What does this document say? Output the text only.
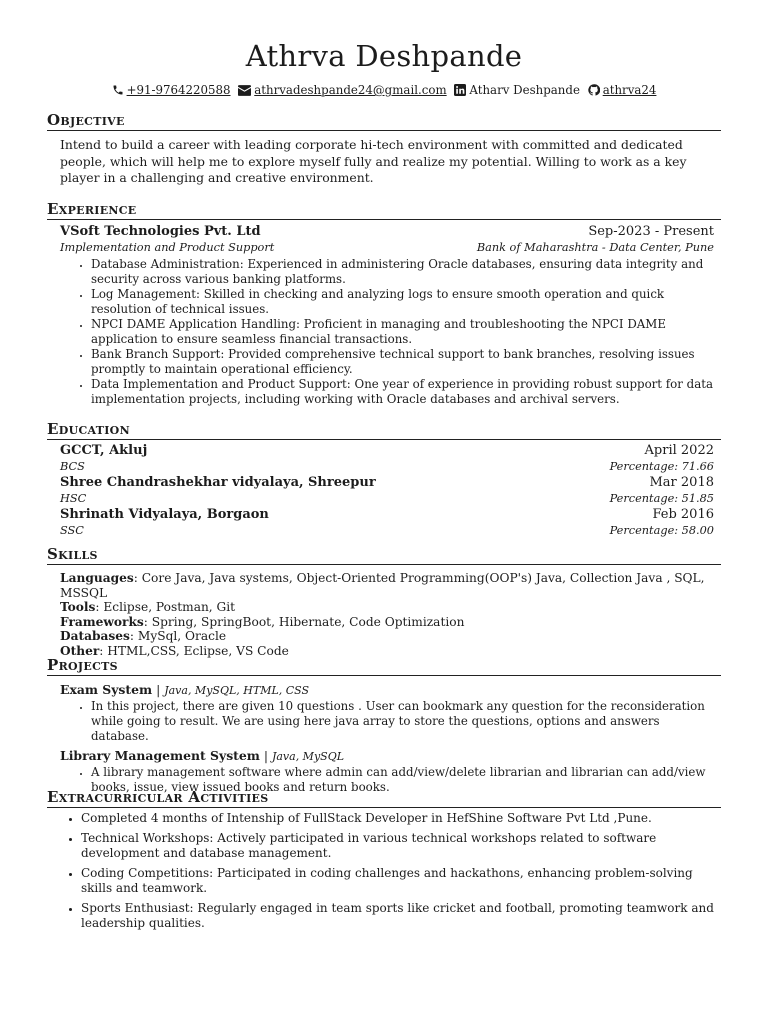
Athrva Deshpande
+91-9764220588 athrvadeshpande24@gmail.com Atharv Deshpande athrva24
Objective
Intend to build a career with leading corporate hi-tech environment with committed and dedicated people, which will help me to explore myself fully and realize my potential. Willing to work as a key player in a challenging and creative environment.
Experience
VSoft Technologies Pvt. Ltd	Sep-2023 - Present
Implementation and Product Support	Bank of Maharashtra - Data Center, Pune
• Database Administration: Experienced in administering Oracle databases, ensuring data integrity and security across various banking platforms.
• Log Management: Skilled in checking and analyzing logs to ensure smooth operation and quick resolution of technical issues.
• NPCI DAME Application Handling: Proficient in managing and troubleshooting the NPCI DAME application to ensure seamless financial transactions.
• Bank Branch Support: Provided comprehensive technical support to bank branches, resolving issues promptly to maintain operational efficiency.
• Data Implementation and Product Support: One year of experience in providing robust support for data implementation projects, including working with Oracle databases and archival servers.
Education
GCCT, Akluj	April 2022
BCS	Percentage: 71.66
Shree Chandrashekhar vidyalaya, Shreepur	Mar 2018
HSC	Percentage: 51.85
Shrinath Vidyalaya, Borgaon	Feb 2016
SSC	Percentage: 58.00
Skills
Languages: Core Java, Java systems, Object-Oriented Programming(OOP's) Java, Collection Java , SQL, MSSQL
Tools: Eclipse, Postman, Git
Frameworks: Spring, SpringBoot, Hibernate, Code Optimization
Databases: MySql, Oracle
Other: HTML,CSS, Eclipse, VS Code
Projects
Exam System | Java, MySQL, HTML, CSS
• In this project, there are given 10 questions . User can bookmark any question for the reconsideration while going to result. We are using here java array to store the questions, options and answers database.
Library Management System | Java, MySQL
• A library management software where admin can add/view/delete librarian and librarian can add/view books, issue, view issued books and return books.
Extracurricular Activities
• Completed 4 months of Intenship of FullStack Developer in HefShine Software Pvt Ltd ,Pune.
• Technical Workshops: Actively participated in various technical workshops related to software development and database management.
• Coding Competitions: Participated in coding challenges and hackathons, enhancing problem-solving skills and teamwork.
• Sports Enthusiast: Regularly engaged in team sports like cricket and football, promoting teamwork and leadership qualities.
